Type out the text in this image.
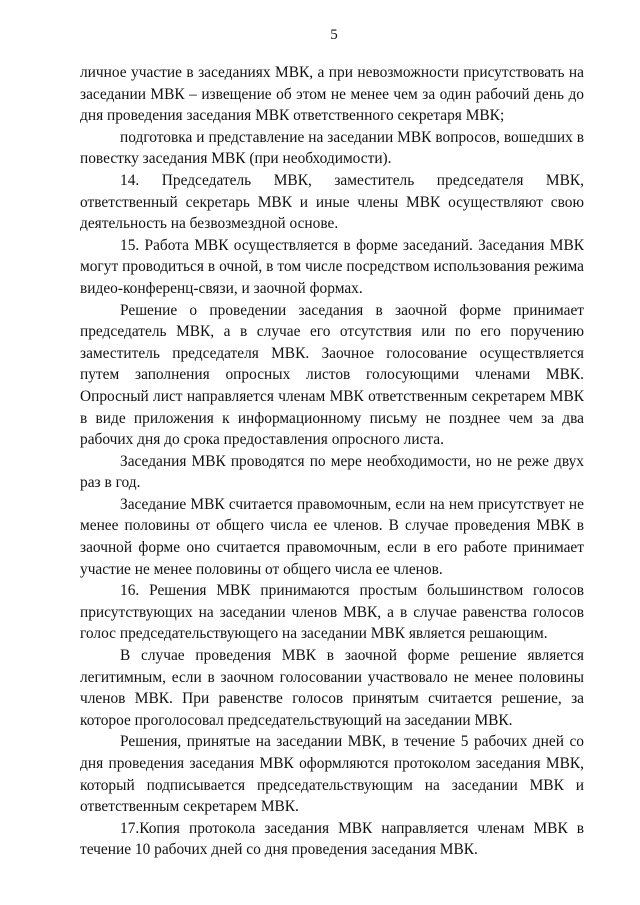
5

личное участие в заседаниях МВК, а при невозможности присутствовать на заседании МВК – извещение об этом не менее чем за один рабочий день до дня проведения заседания МВК ответственного секретаря МВК;

подготовка и представление на заседании МВК вопросов, вошедших в повестку заседания МВК (при необходимости).

14. Председатель МВК, заместитель председателя МВК, ответственный секретарь МВК и иные члены МВК осуществляют свою деятельность на безвозмездной основе.

15. Работа МВК осуществляется в форме заседаний. Заседания МВК могут проводиться в очной, в том числе посредством использования режима видео-конференц-связи, и заочной формах.

Решение о проведении заседания в заочной форме принимает председатель МВК, а в случае его отсутствия или по его поручению заместитель председателя МВК. Заочное голосование осуществляется путем заполнения опросных листов голосующими членами МВК. Опросный лист направляется членам МВК ответственным секретарем МВК в виде приложения к информационному письму не позднее чем за два рабочих дня до срока предоставления опросного листа.

Заседания МВК проводятся по мере необходимости, но не реже двух раз в год.

Заседание МВК считается правомочным, если на нем присутствует не менее половины от общего числа ее членов. В случае проведения МВК в заочной форме оно считается правомочным, если в его работе принимает участие не менее половины от общего числа ее членов.

16. Решения МВК принимаются простым большинством голосов присутствующих на заседании членов МВК, а в случае равенства голосов голос председательствующего на заседании МВК является решающим.

В случае проведения МВК в заочной форме решение является легитимным, если в заочном голосовании участвовало не менее половины членов МВК. При равенстве голосов принятым считается решение, за которое проголосовал председательствующий на заседании МВК.

Решения, принятые на заседании МВК, в течение 5 рабочих дней со дня проведения заседания МВК оформляются протоколом заседания МВК, который подписывается председательствующим на заседании МВК и ответственным секретарем МВК.

17.Копия протокола заседания МВК направляется членам МВК в течение 10 рабочих дней со дня проведения заседания МВК.
